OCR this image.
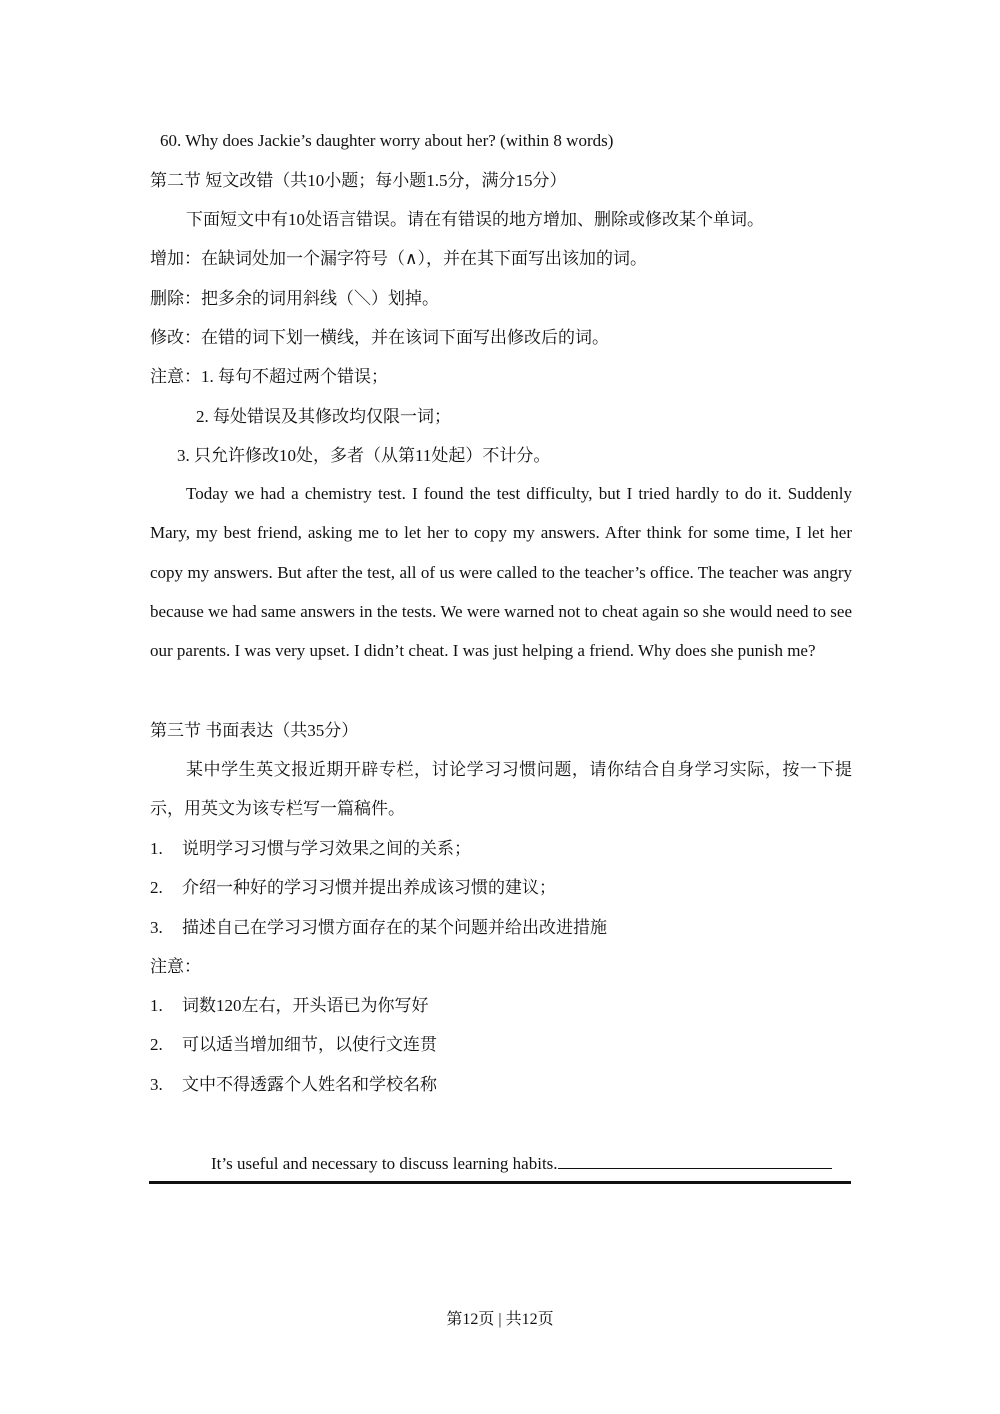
60. Why does Jackie’s daughter worry about her? (within 8 words)
第二节 短文改错（共10小题；每小题1.5分，满分15分）
下面短文中有10处语言错误。请在有错误的地方增加、删除或修改某个单词。
增加：在缺词处加一个漏字符号（∧），并在其下面写出该加的词。
删除：把多余的词用斜线（＼）划掉。
修改：在错的词下划一横线，并在该词下面写出修改后的词。
注意：1. 每句不超过两个错误；
2. 每处错误及其修改均仅限一词；
3. 只允许修改10处，多者（从第11处起）不计分。
Today we had a chemistry test. I found the test difficulty, but I tried hardly to do it. Suddenly Mary, my best friend, asking me to let her to copy my answers. After think for some time, I let her copy my answers. But after the test, all of us were called to the teacher’s office. The teacher was angry because we had same answers in the tests. We were warned not to cheat again so she would need to see our parents. I was very upset. I didn’t cheat. I was just helping a friend. Why does she punish me?
第三节 书面表达（共35分）
某中学生英文报近期开辟专栏，讨论学习习惯问题，请你结合自身学习实际，按一下提示，用英文为该专栏写一篇稿件。
1. 说明学习习惯与学习效果之间的关系；
2. 介绍一种好的学习习惯并提出养成该习惯的建议；
3. 描述自己在学习习惯方面存在的某个问题并给出改进措施
注意：
1. 词数120左右，开头语已为你写好
2. 可以适当增加细节，以使行文连贯
3. 文中不得透露个人姓名和学校名称
It’s useful and necessary to discuss learning habits.
第12页 | 共12页
